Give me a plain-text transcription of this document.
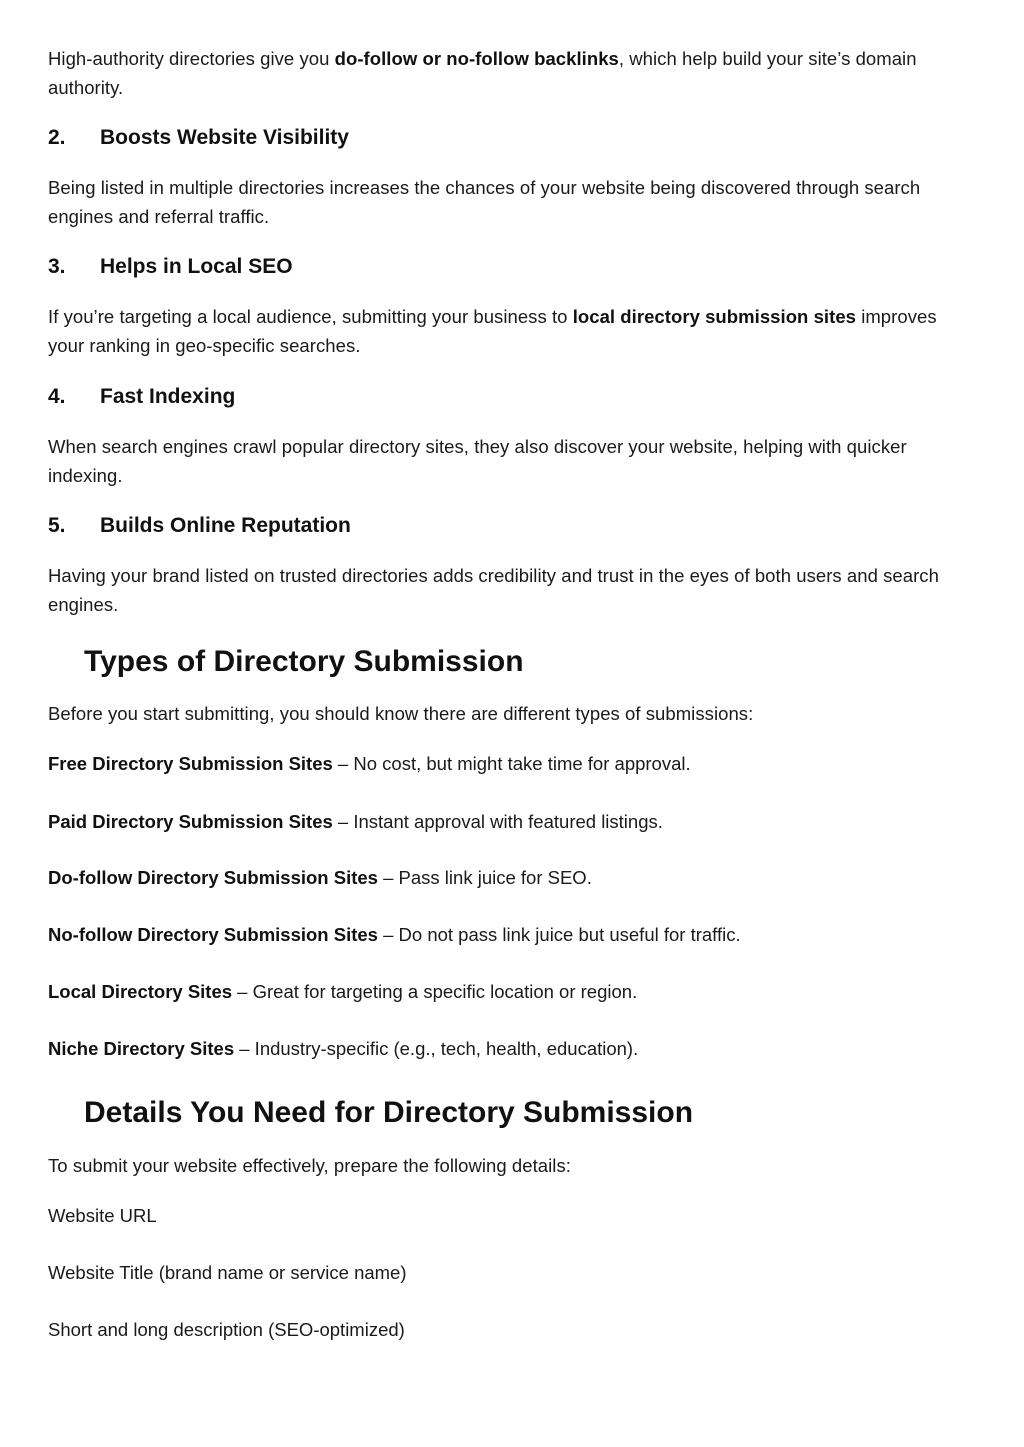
High-authority directories give you do-follow or no-follow backlinks, which help build your site’s domain authority.

2.	Boosts Website Visibility

Being listed in multiple directories increases the chances of your website being discovered through search engines and referral traffic.

3.	Helps in Local SEO

If you’re targeting a local audience, submitting your business to local directory submission sites improves your ranking in geo-specific searches.

4.	Fast Indexing

When search engines crawl popular directory sites, they also discover your website, helping with quicker indexing.

5.	Builds Online Reputation

Having your brand listed on trusted directories adds credibility and trust in the eyes of both users and search engines.

Types of Directory Submission

Before you start submitting, you should know there are different types of submissions:

Free Directory Submission Sites – No cost, but might take time for approval.

Paid Directory Submission Sites – Instant approval with featured listings.

Do-follow Directory Submission Sites – Pass link juice for SEO.

No-follow Directory Submission Sites – Do not pass link juice but useful for traffic.

Local Directory Sites – Great for targeting a specific location or region.

Niche Directory Sites – Industry-specific (e.g., tech, health, education).

Details You Need for Directory Submission

To submit your website effectively, prepare the following details:

Website URL

Website Title (brand name or service name)

Short and long description (SEO-optimized)
